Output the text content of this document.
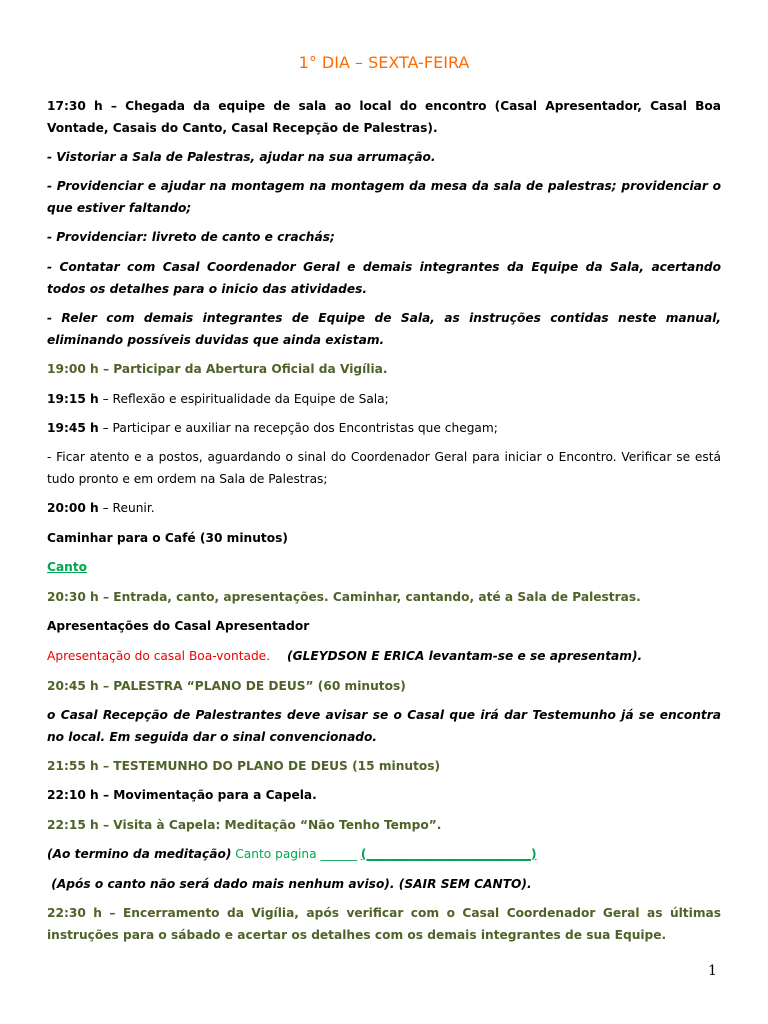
1° DIA – SEXTA-FEIRA
17:30 h – Chegada da equipe de sala ao local do encontro (Casal Apresentador, Casal Boa Vontade, Casais do Canto, Casal Recepção de Palestras).
- Vistoriar a Sala de Palestras, ajudar na sua arrumação.
- Providenciar e ajudar na montagem na montagem da mesa da sala de palestras; providenciar o que estiver faltando;
- Providenciar: livreto de canto e crachás;
- Contatar com Casal Coordenador Geral e demais integrantes da Equipe da Sala, acertando todos os detalhes para o inicio das atividades.
- Reler com demais integrantes de Equipe de Sala, as instruções contidas neste manual, eliminando possíveis duvidas que ainda existam.
19:00 h – Participar da Abertura Oficial da Vigília.
19:15 h – Reflexão e espiritualidade da Equipe de Sala;
19:45 h – Participar e auxiliar na recepção dos Encontristas que chegam;
- Ficar atento e a postos, aguardando o sinal do Coordenador Geral para iniciar o Encontro. Verificar se está tudo pronto e em ordem na Sala de Palestras;
20:00 h – Reunir.
Caminhar para o Café (30 minutos)
Canto
20:30 h – Entrada, canto, apresentações. Caminhar, cantando, até a Sala de Palestras.
Apresentações do Casal Apresentador
Apresentação do casal Boa-vontade.    (GLEYDSON E ERICA levantam-se e se apresentam).
20:45 h – PALESTRA “PLANO DE DEUS” (60 minutos)
o Casal Recepção de Palestrantes deve avisar se o Casal que irá dar Testemunho já se encontra no local. Em seguida dar o sinal convencionado.
21:55 h – TESTEMUNHO DO PLANO DE DEUS (15 minutos)
22:10 h – Movimentação para a Capela.
22:15 h – Visita à Capela: Meditação “Não Tenho Tempo”.
(Ao termino da meditação) Canto pagina ______ (___________________________)
(Após o canto não será dado mais nenhum aviso). (SAIR SEM CANTO).
22:30 h – Encerramento da Vigília, após verificar com o Casal Coordenador Geral as últimas instruções para o sábado e acertar os detalhes com os demais integrantes de sua Equipe.
1
